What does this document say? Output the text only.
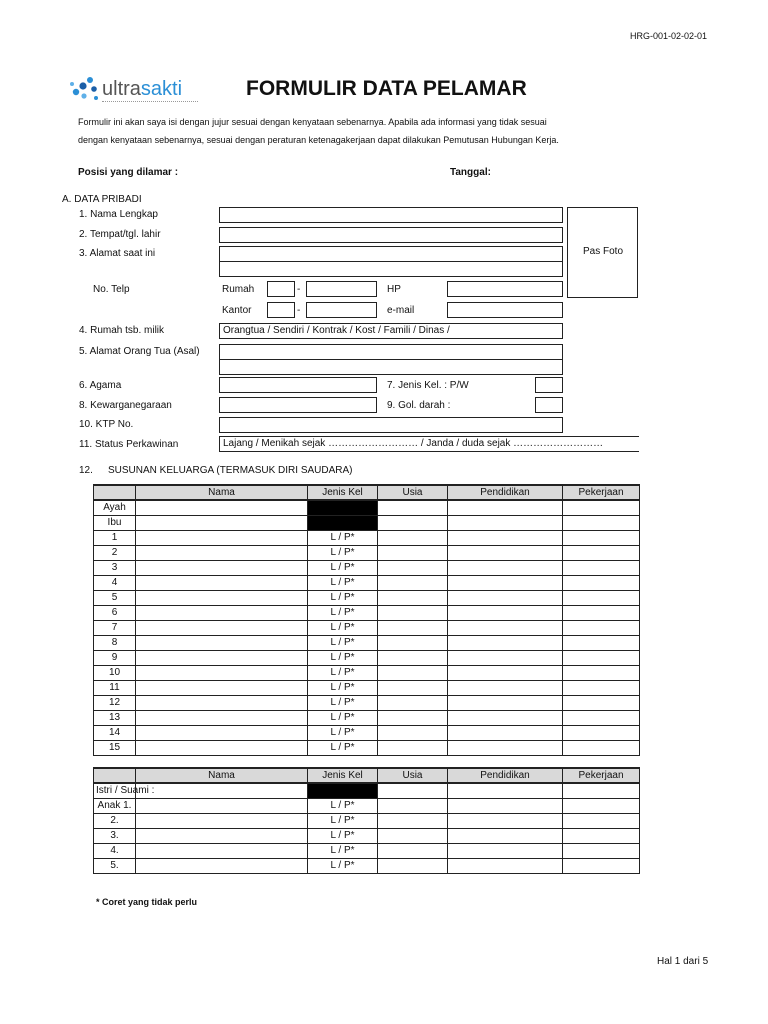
HRG-001-02-02-01
ultrasakti	FORMULIR DATA PELAMAR
Formulir ini akan saya isi dengan jujur sesuai dengan kenyataan sebenarnya. Apabila ada informasi yang tidak sesuai
dengan kenyataan sebenarnya, sesuai dengan peraturan ketenagakerjaan dapat dilakukan Pemutusan Hubungan Kerja.
Posisi yang dilamar :	Tanggal:
A. DATA PRIBADI
1. Nama Lengkap
2. Tempat/tgl. lahir
3. Alamat saat ini	Pas Foto
No. Telp	Rumah	-	HP
Kantor	-	e-mail
4. Rumah tsb. milik	Orangtua / Sendiri / Kontrak / Kost / Famili / Dinas /
5. Alamat Orang Tua (Asal)
6. Agama	7. Jenis Kel. : P/W
8. Kewarganegaraan	9. Gol. darah :
10. KTP No.
11. Status Perkawinan	Lajang / Menikah sejak ……………………… / Janda / duda sejak ………………………
12. SUSUNAN KELUARGA (TERMASUK DIRI SAUDARA)
	Nama	Jenis Kel	Usia	Pendidikan	Pekerjaan
Ayah					
Ibu					
1		L / P*			
2		L / P*			
3		L / P*			
4		L / P*			
5		L / P*			
6		L / P*			
7		L / P*			
8		L / P*			
9		L / P*			
10		L / P*			
11		L / P*			
12		L / P*			
13		L / P*			
14		L / P*			
15		L / P*			
	Nama	Jenis Kel	Usia	Pendidikan	Pekerjaan
Istri / Suami :					
Anak 1.		L / P*			
2.		L / P*			
3.		L / P*			
4.		L / P*			
5.		L / P*			
* Coret yang tidak perlu
Hal 1 dari 5
